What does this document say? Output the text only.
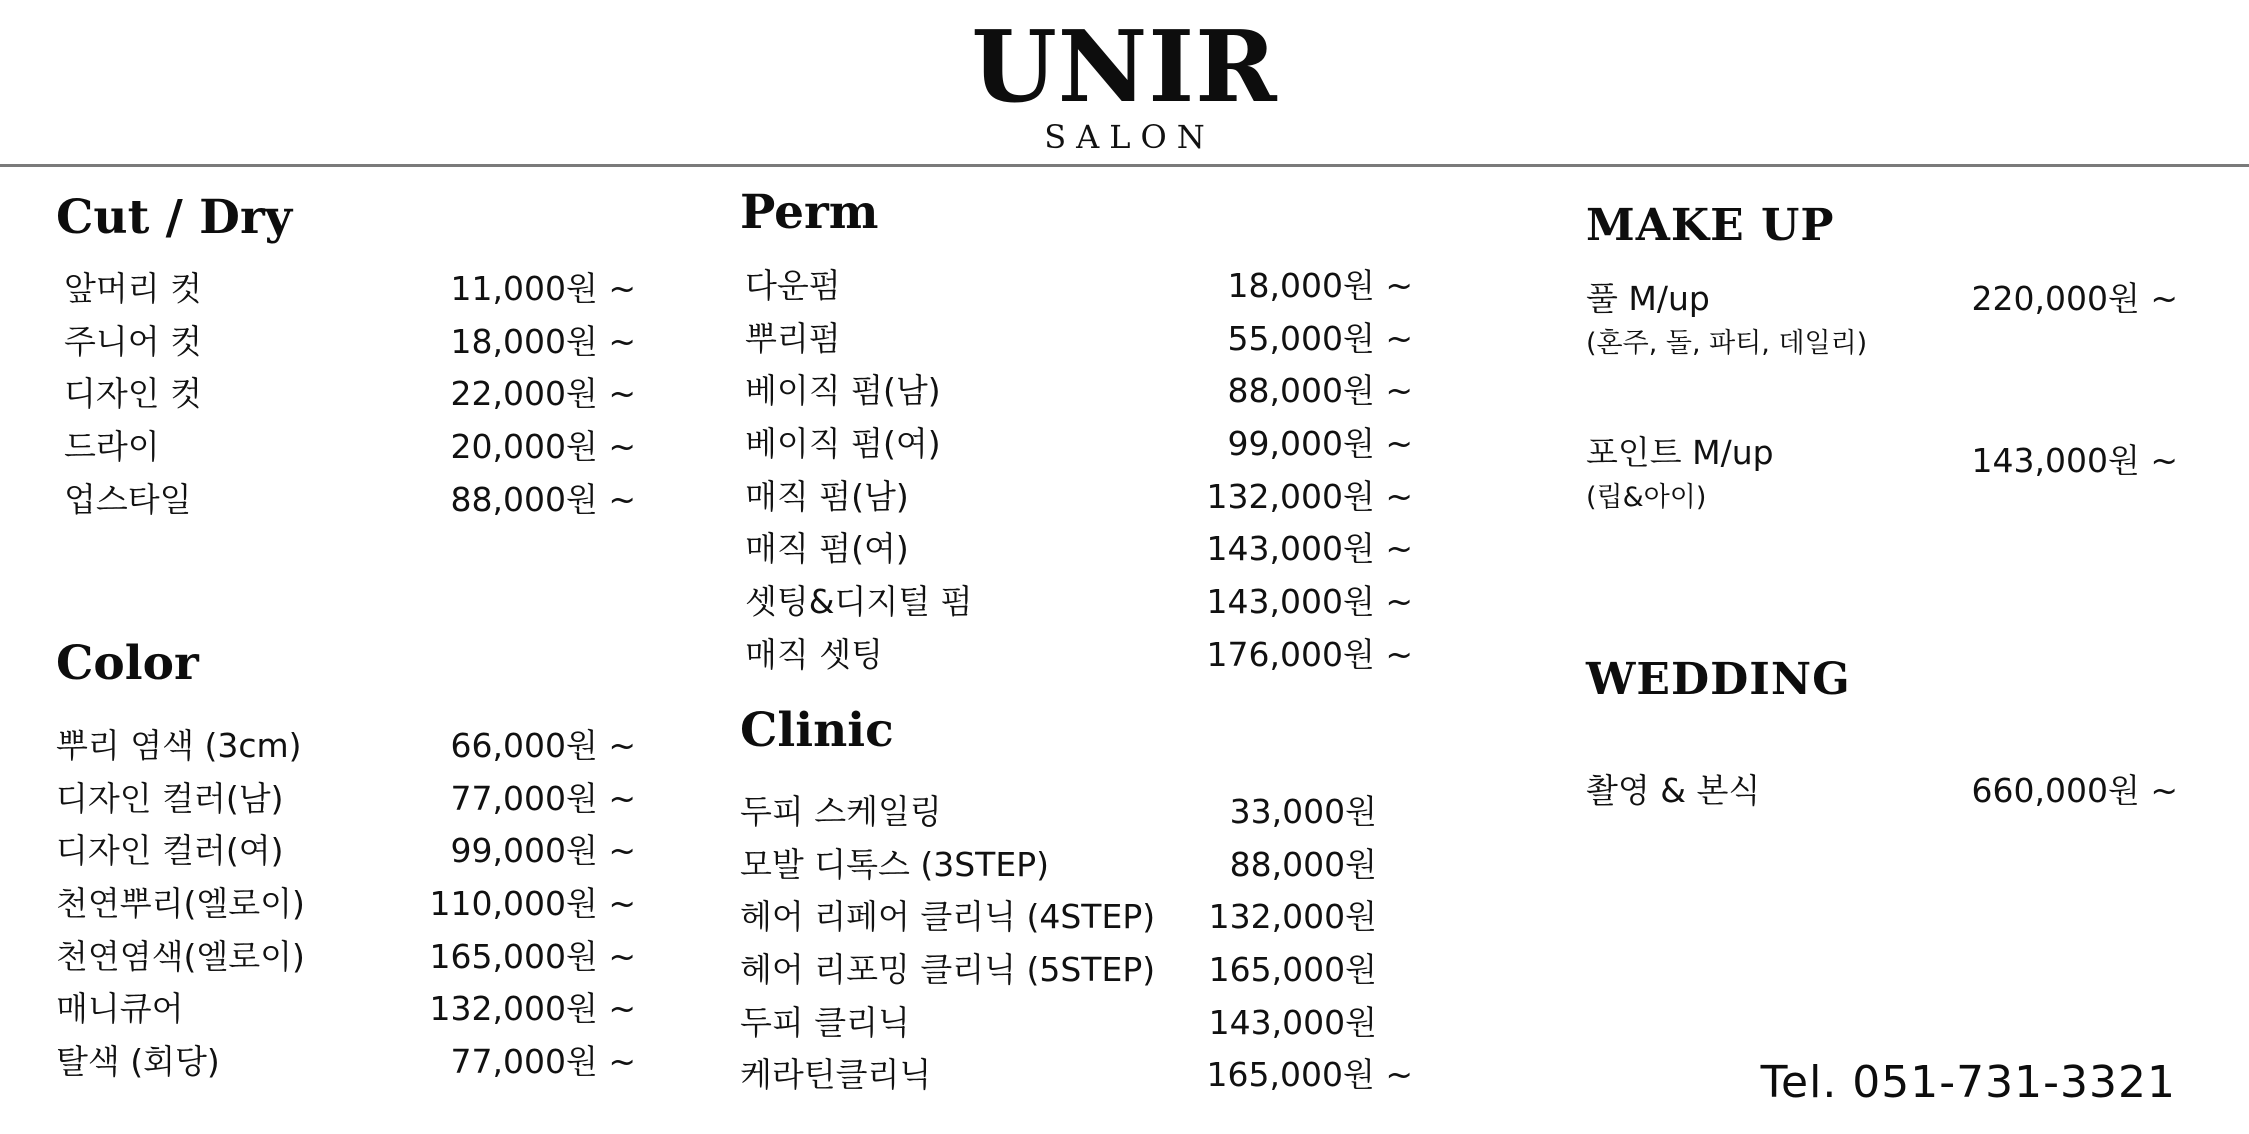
UNIR
SALON
Cut / Dry
앞머리 컷	11,000원 ~
주니어 컷	18,000원 ~
디자인 컷	22,000원 ~
드라이	20,000원 ~
업스타일	88,000원 ~
Color
뿌리 염색 (3cm)	66,000원 ~
디자인 컬러(남)	77,000원 ~
디자인 컬러(여)	99,000원 ~
천연뿌리(엘로이)	110,000원 ~
천연염색(엘로이)	165,000원 ~
매니큐어	132,000원 ~
탈색 (회당)	77,000원 ~
Perm
다운펌	18,000원 ~
뿌리펌	55,000원 ~
베이직 펌(남)	88,000원 ~
베이직 펌(여)	99,000원 ~
매직 펌(남)	132,000원 ~
매직 펌(여)	143,000원 ~
셋팅&디지털 펌	143,000원 ~
매직 셋팅	176,000원 ~
Clinic
두피 스케일링	33,000원
모발 디톡스 (3STEP)	88,000원
헤어 리페어 클리닉 (4STEP) 132,000원
헤어 리포밍 클리닉 (5STEP) 165,000원
두피 클리닉	143,000원
케라틴클리닉	165,000원 ~
MAKE UP
풀 M/up	220,000원 ~
(혼주, 돌, 파티, 데일리)
포인트 M/up	143,000원 ~
(립&아이)
WEDDING
촬영 & 본식	660,000원 ~
Tel. 051-731-3321
